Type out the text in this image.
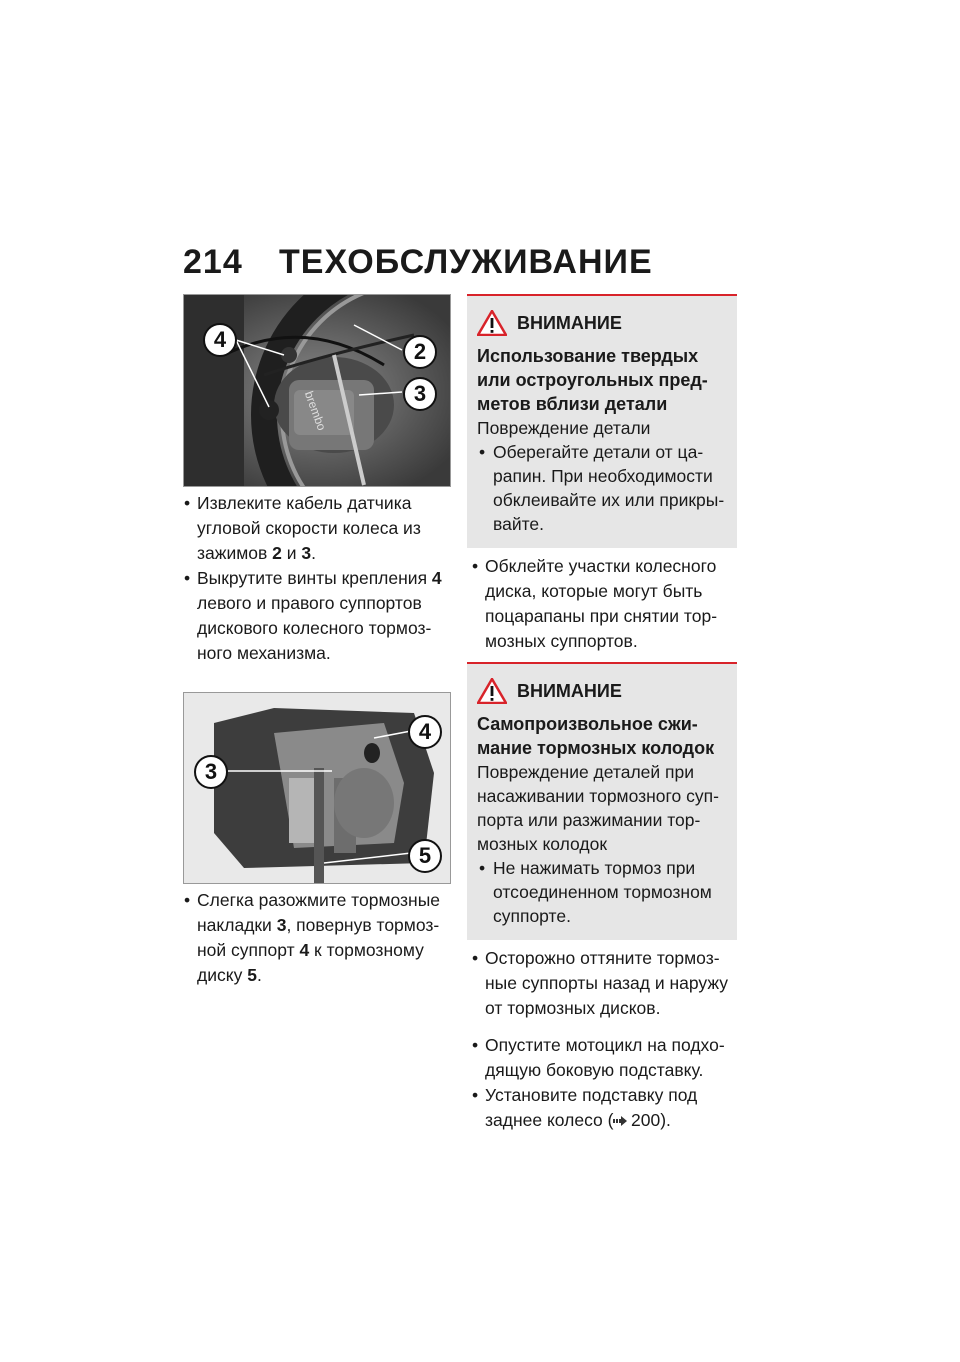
214 ТЕХОБСЛУЖИВАНИЕ
brembo
4	2
3

• Извлеките кабель датчика угловой скорости колеса из зажимов 2 и 3.

• Выкрутите винты крепления 4 левого и правого суппортов дискового колесного тормозного механизма.

4
3
5

• Слегка разожмите тормозные накладки 3, повернув тормозной суппорт 4 к тормозному диску 5.

ВНИМАНИЕ

Использование твердых или остроугольных предметов вблизи детали

Повреждение детали

• Оберегайте детали от царапин. При необходимости обклеивайте их или прикрывайте.

• Обклейте участки колесного диска, которые могут быть поцарапаны при снятии тормозных суппортов.

ВНИМАНИЕ

Самопроизвольное сжимание тормозных колодок

Повреждение деталей при насаживании тормозного суппорта или разжимании тормозных колодок

• Не нажимать тормоз при отсоединенном тормозном суппорте.

• Осторожно оттяните тормозные суппорты назад и наружу от тормозных дисков.

• Опустите мотоцикл на подходящую боковую подставку.

• Установите подставку под заднее колесо (  200).
